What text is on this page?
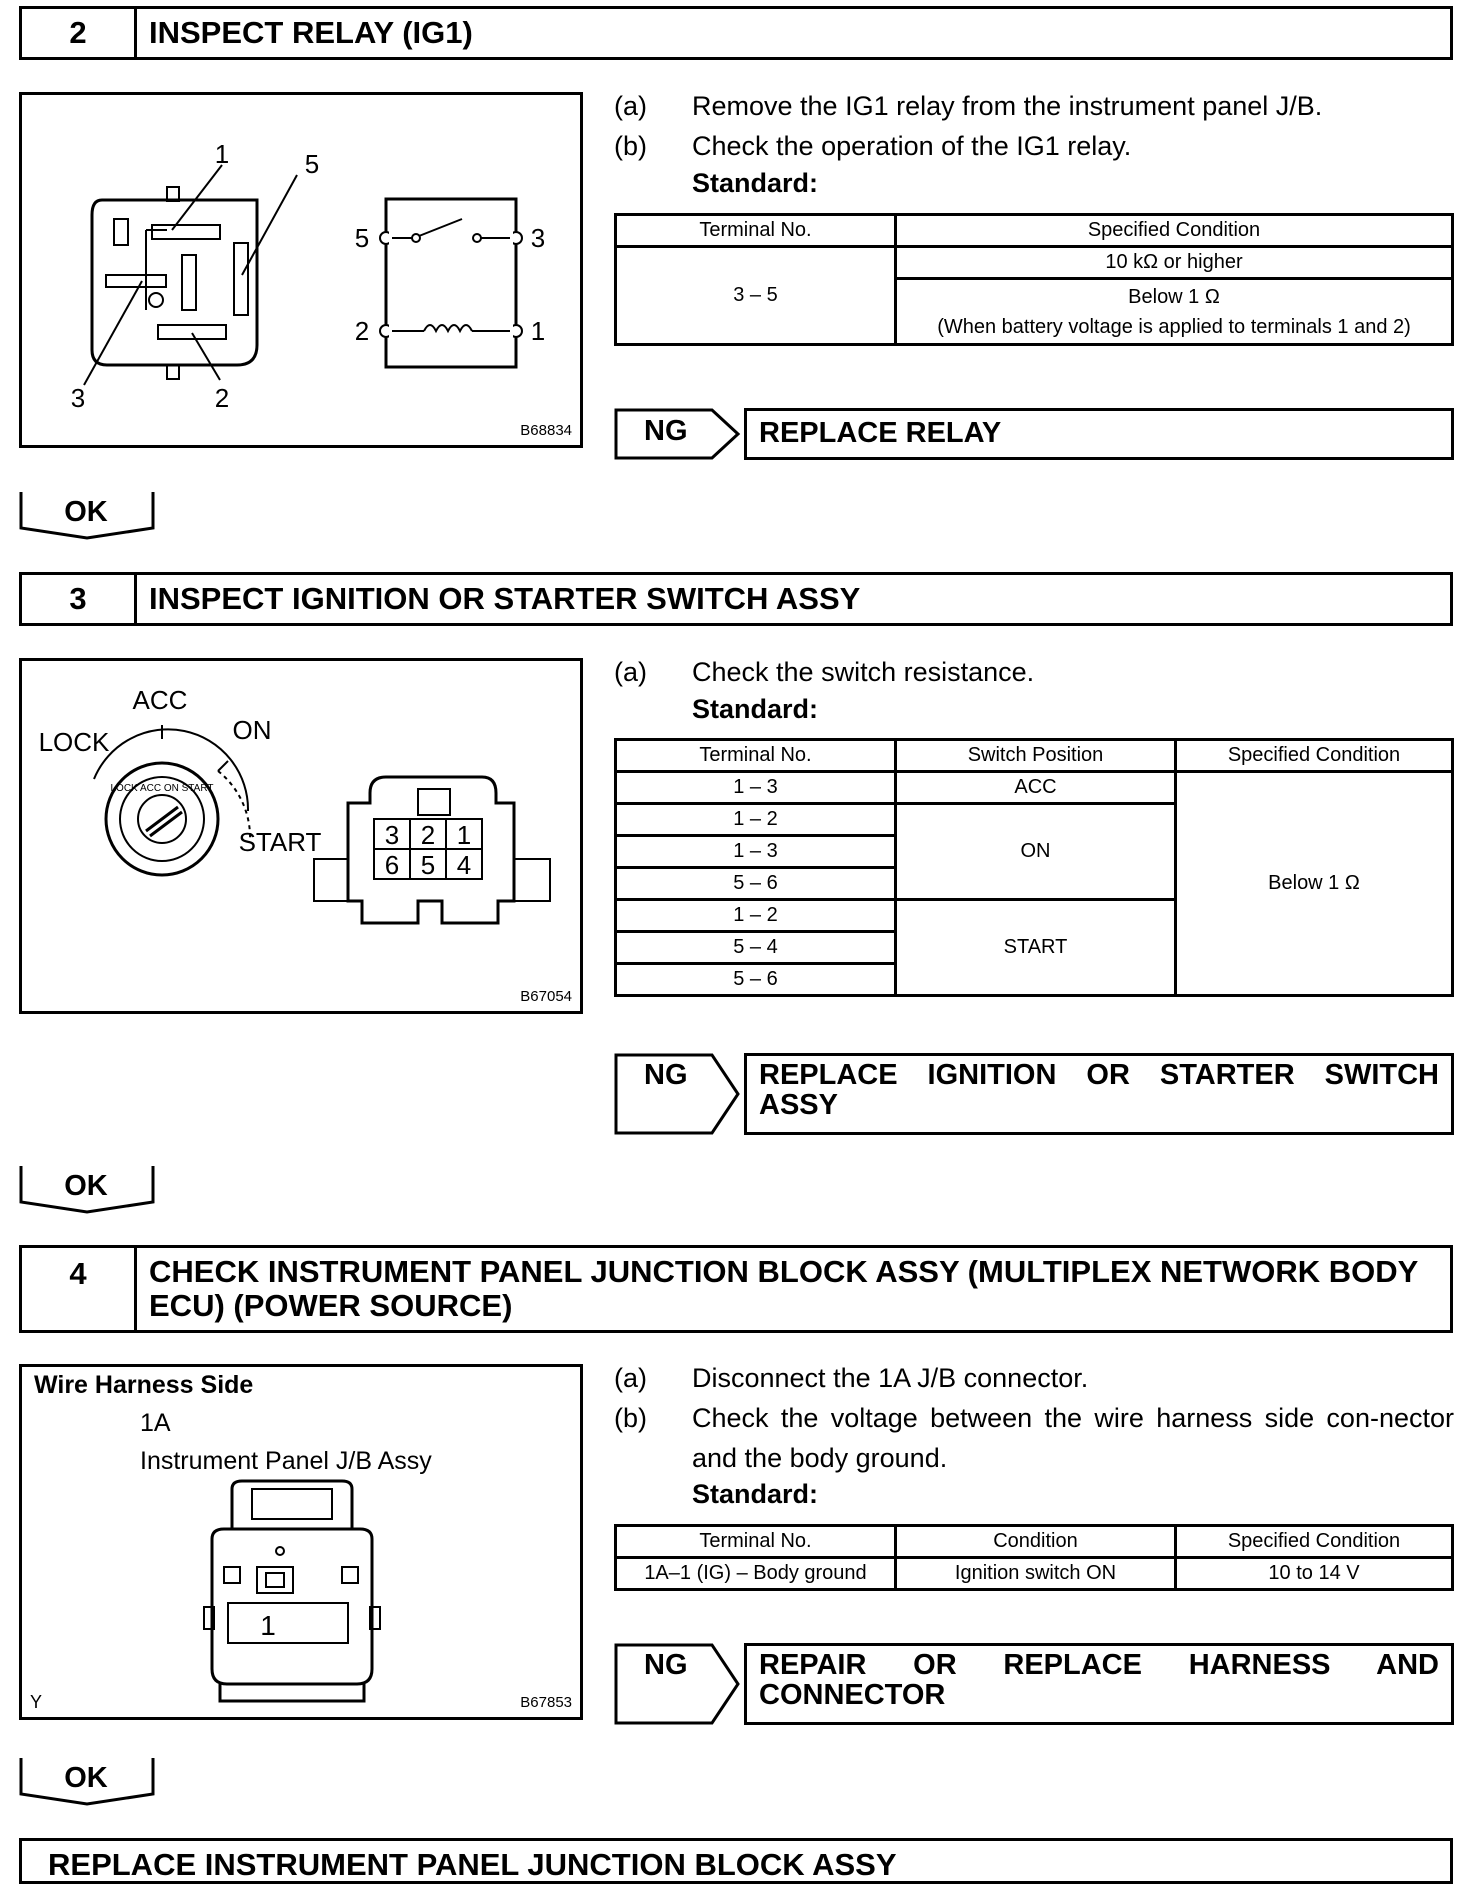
2	INSPECT RELAY (IG1)
1	5
3	2
5	3
2	1
B68834
(a)	Remove the IG1 relay from the instrument panel J/B.
(b)	Check the operation of the IG1 relay.
Standard:
Terminal No.	Specified Condition
3 – 5	10 kΩ or higher

	Below 1 Ω
(When battery voltage is applied to terminals 1 and 2)
NG	REPLACE RELAY
OK
3	INSPECT IGNITION OR STARTER SWITCH ASSY
LOCK ACC ON START
ACC
LOCK	ON
START 3 2 1
6 5 4
B67054
(a)	Check the switch resistance.
Standard:
Terminal No.	Switch Position	Specified Condition
1 – 3	ACC	Below 1 Ω
1 – 2	ON	
1 – 3		
5 – 6		
1 – 2	START	
5 – 4		
5 – 6		
NG REPLACE IGNITION OR STARTER SWITCH
ASSY
OK
4	CHECK INSTRUMENT PANEL JUNCTION BLOCK ASSY (MULTIPLEX NETWORK BODY ECU) (POWER SOURCE)
Wire Harness Side
1A
Instrument Panel J/B Assy
1
Y	B67853
(a)	Disconnect the 1A J/B connector.
(b)	Check the voltage between the wire harness side con-nector and the body ground.
Standard:
Terminal No.	Condition	Specified Condition
1A–1 (IG) – Body ground	Ignition switch ON	10 to 14 V
NG REPAIR OR REPLACE HARNESS AND
CONNECTOR
OK
REPLACE INSTRUMENT PANEL JUNCTION BLOCK ASSY
